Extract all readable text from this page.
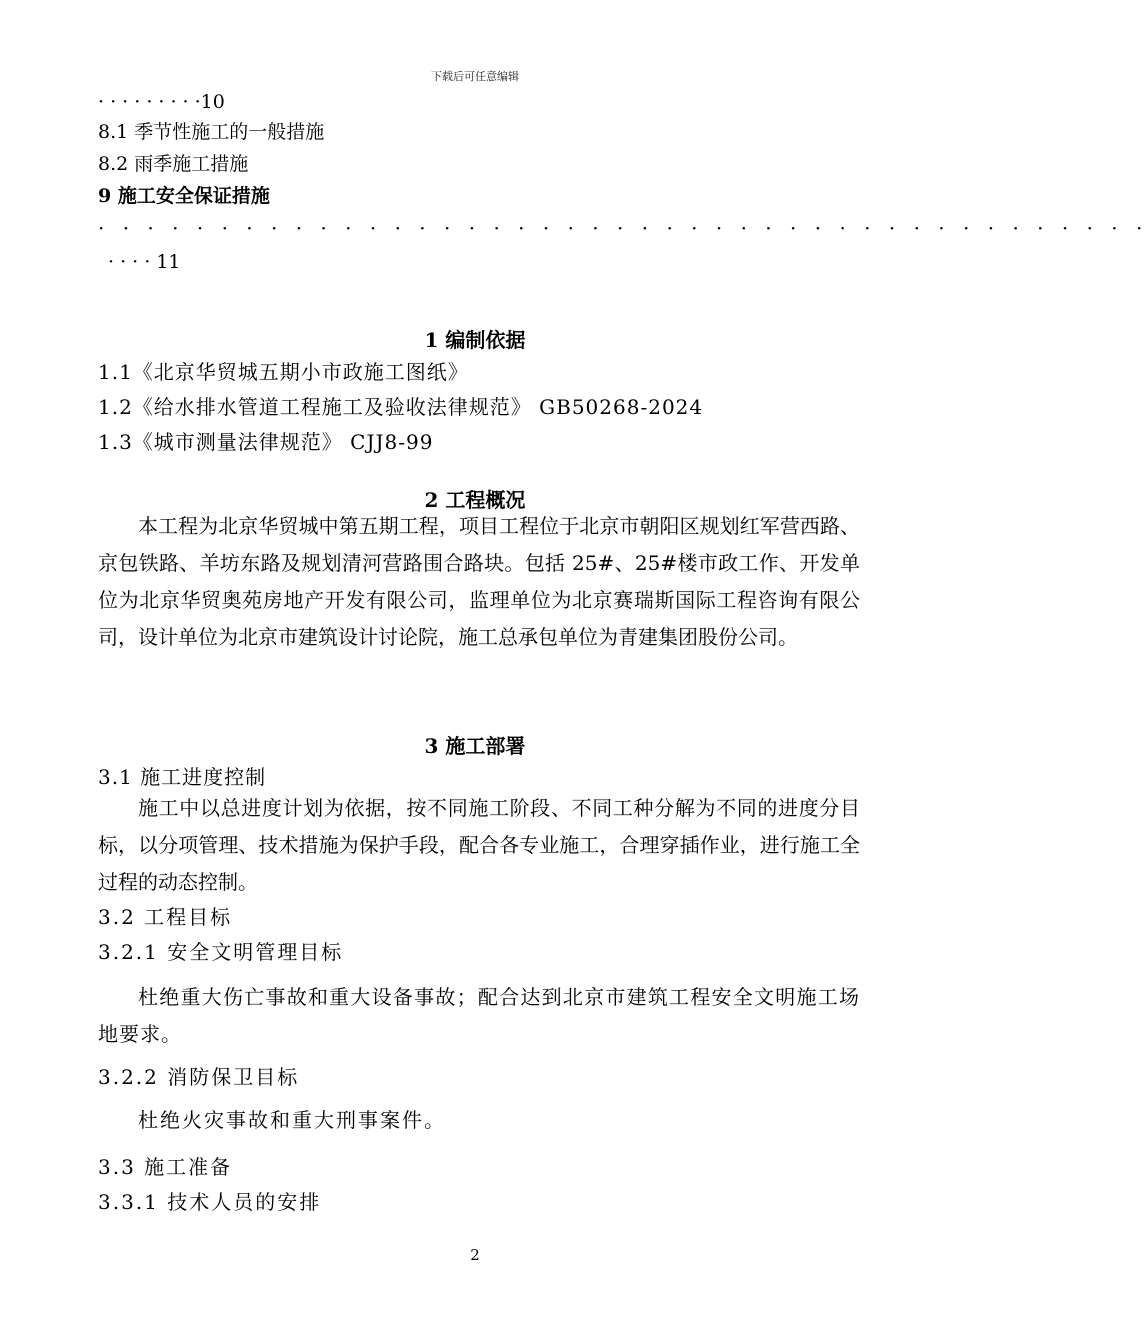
下载后可任意编辑
· · · · · · · · ·10
8.1 季节性施工的一般措施
8.2 雨季施工措施
9 施工安全保证措施
· · · · · · · · · · · · · · · · · · · · · · · · · · · · · · · · · · · · · · · · · · ·
· · · · 11
1 编制依据
1.1《北京华贸城五期小市政施工图纸》
1.2《给水排水管道工程施工及验收法律规范》 GB50268-2024
1.3《城市测量法律规范》 CJJ8-99
2 工程概况
本工程为北京华贸城中第五期工程，项目工程位于北京市朝阳区规划红军营西路、京包铁路、羊坊东路及规划清河营路围合路块。包括 25#、25#楼市政工作、开发单位为北京华贸奥苑房地产开发有限公司，监理单位为北京赛瑞斯国际工程咨询有限公司，设计单位为北京市建筑设计讨论院，施工总承包单位为青建集团股份公司。
3 施工部署
3.1 施工进度控制
施工中以总进度计划为依据，按不同施工阶段、不同工种分解为不同的进度分目标，以分项管理、技术措施为保护手段，配合各专业施工，合理穿插作业，进行施工全过程的动态控制。
3.2 工程目标
3.2.1 安全文明管理目标
杜绝重大伤亡事故和重大设备事故；配合达到北京市建筑工程安全文明施工场地要求。
3.2.2 消防保卫目标
杜绝火灾事故和重大刑事案件。
3.3 施工准备
3.3.1 技术人员的安排
2
